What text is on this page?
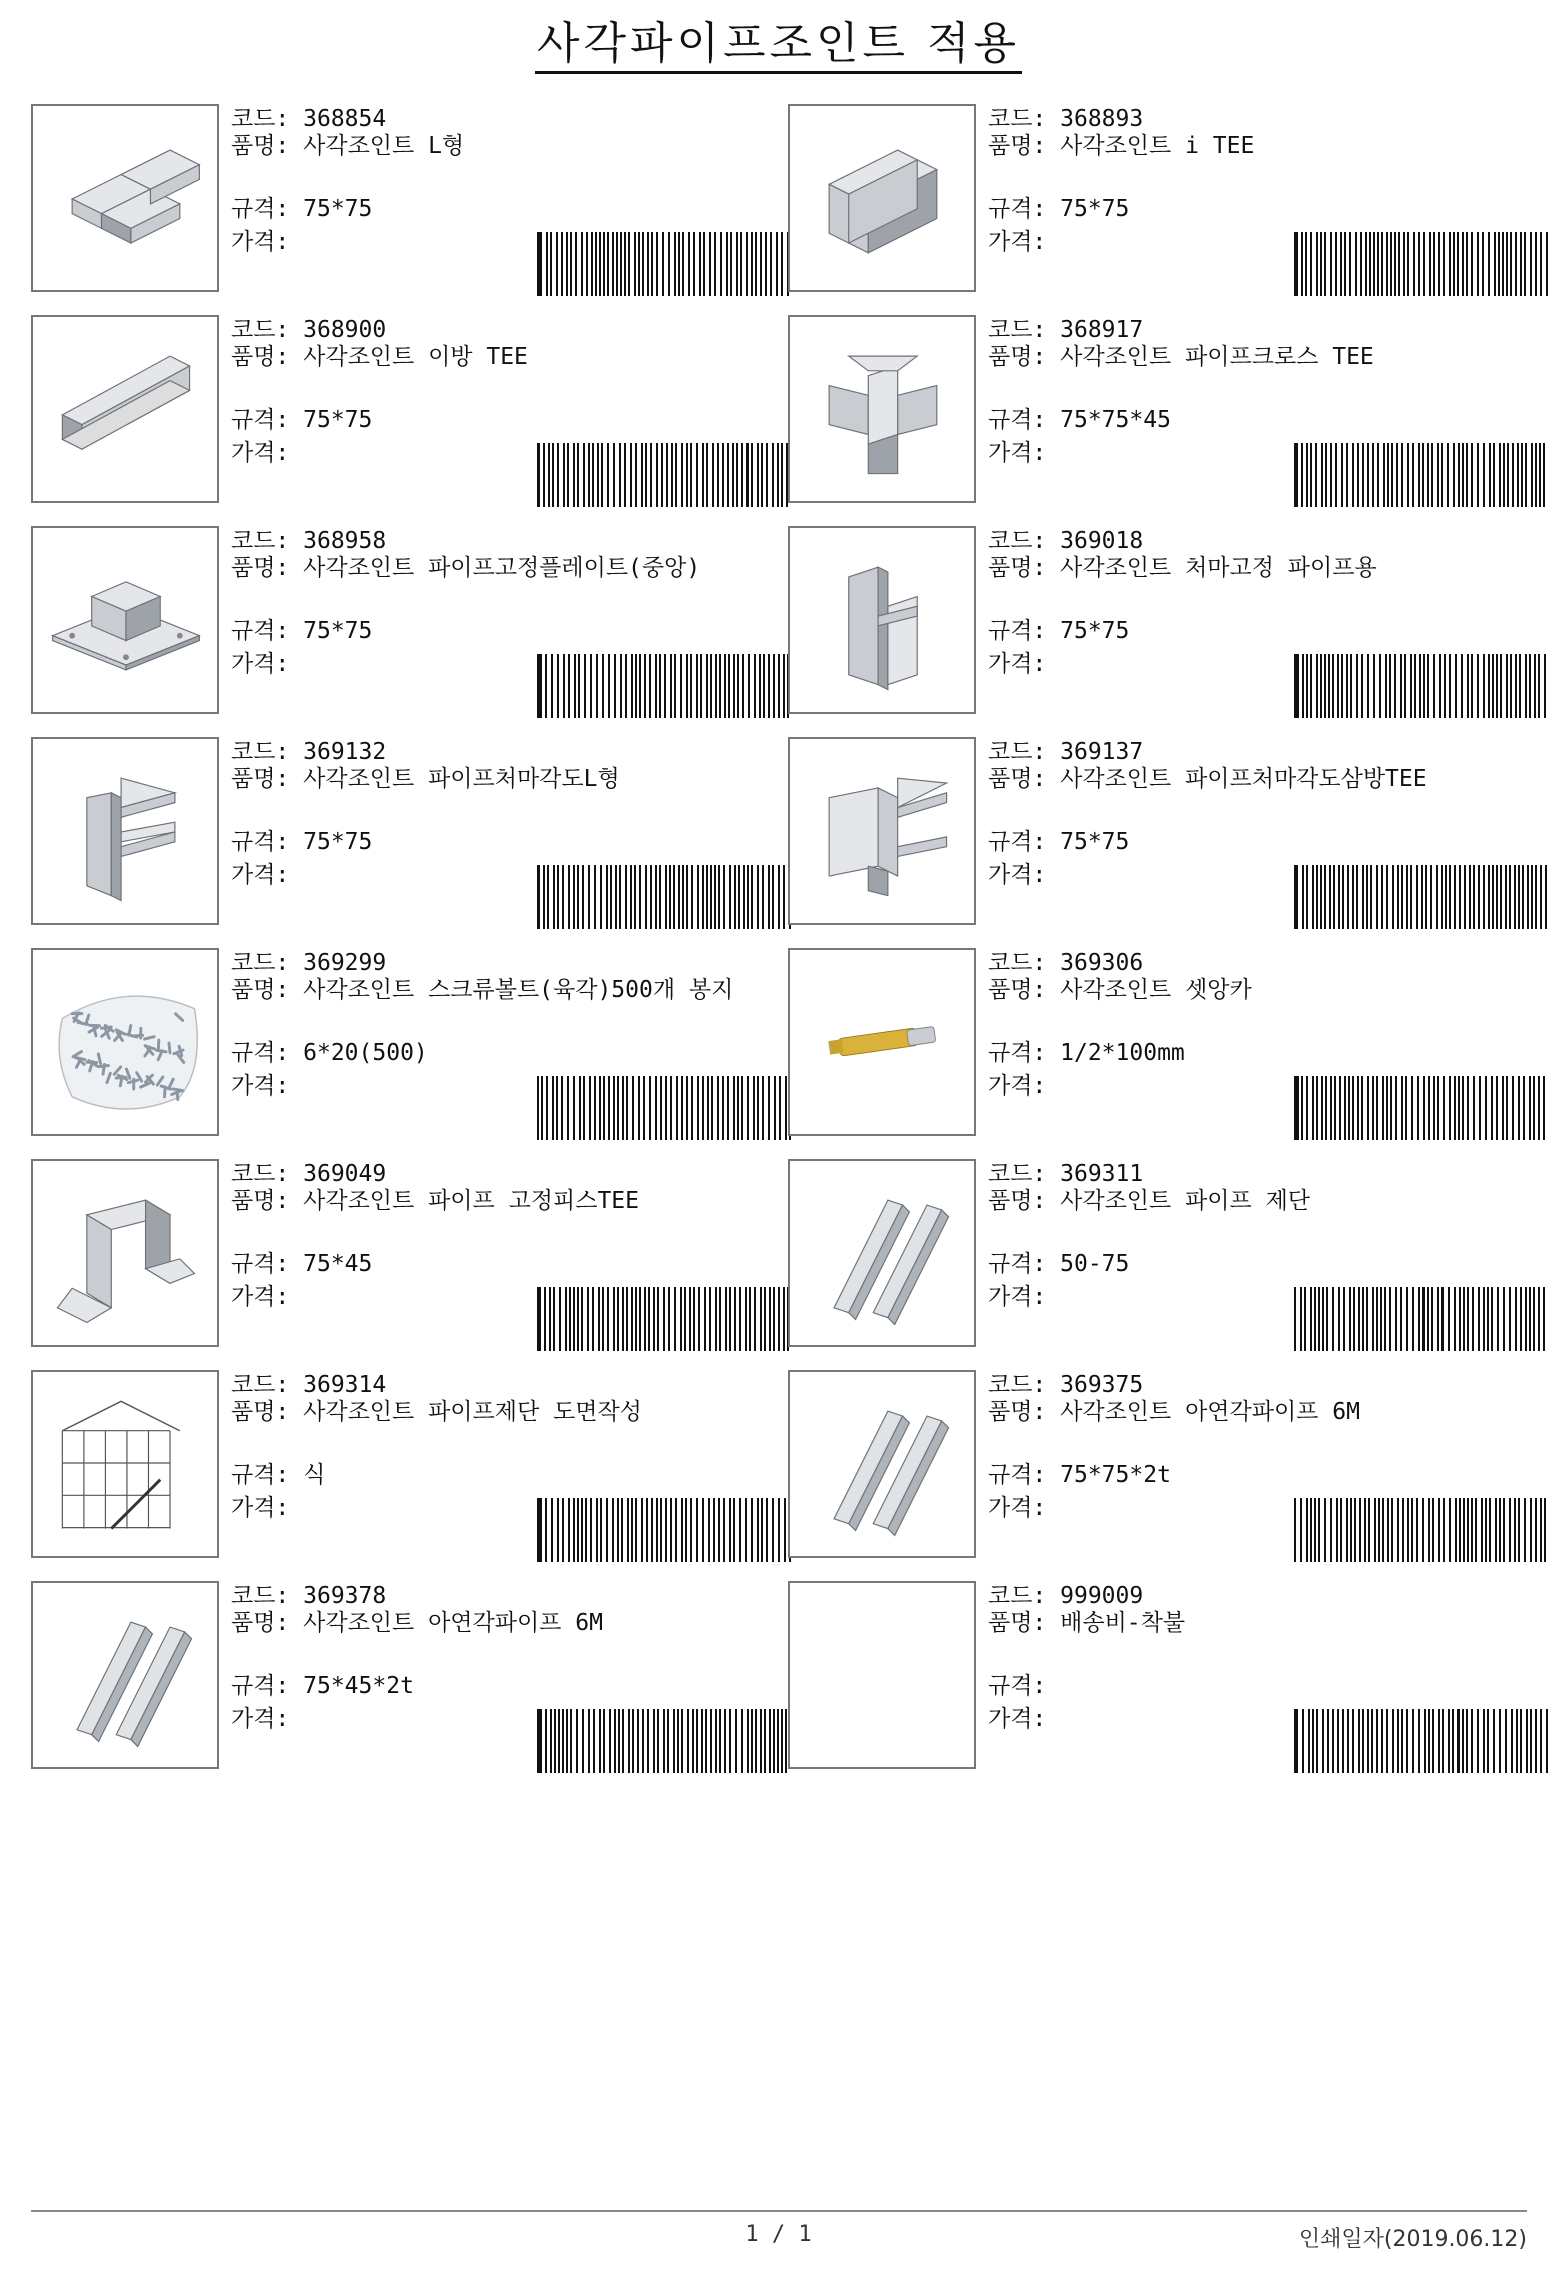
사각파이프조인트 적용
코드: 368854
품명: 사각조인트 L형
규격: 75*75
가격:
코드: 368893
품명: 사각조인트 i TEE
규격: 75*75
가격:
코드: 368900
품명: 사각조인트 이방 TEE
규격: 75*75
가격:
코드: 368917
품명: 사각조인트 파이프크로스 TEE
규격: 75*75*45
가격:
코드: 368958
품명: 사각조인트 파이프고정플레이트(중앙)
규격: 75*75
가격:
코드: 369018
품명: 사각조인트 처마고정 파이프용
규격: 75*75
가격:
코드: 369132
품명: 사각조인트 파이프처마각도L형
규격: 75*75
가격:
코드: 369137
품명: 사각조인트 파이프처마각도삼방TEE
규격: 75*75
가격:
코드: 369299
품명: 사각조인트 스크류볼트(육각)500개 봉지
규격: 6*20(500)
가격:
코드: 369306
품명: 사각조인트 셋앙카
규격: 1/2*100mm
가격:
코드: 369049
품명: 사각조인트 파이프 고정피스TEE
규격: 75*45
가격:
코드: 369311
품명: 사각조인트 파이프 제단
규격: 50-75
가격:
코드: 369314
품명: 사각조인트 파이프제단 도면작성
규격: 식
가격:
코드: 369375
품명: 사각조인트 아연각파이프 6M
규격: 75*75*2t
가격:
코드: 369378
품명: 사각조인트 아연각파이프 6M
규격: 75*45*2t
가격:
코드: 999009
품명: 배송비-착불
규격:
가격:
1 / 1	인쇄일자(2019.06.12)
